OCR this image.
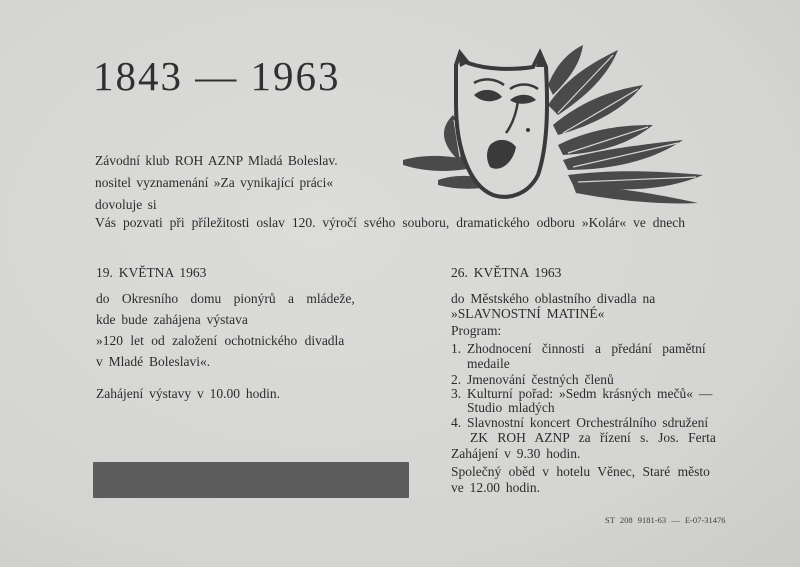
1843 — 1963
Závodní klub ROH AZNP Mladá Boleslav.
nositel vyznamenání »Za vynikající práci«
dovoluje si
Vás pozvati při příležitosti oslav 120. výročí svého souboru, dramatického odboru »Kolár« ve dnech
19. KVĚTNA 1963
do Okresního domu pionýrů a mládeže,
kde bude zahájena výstava
»120 let od založení ochotnického divadla
v Mladé Boleslavi«.
Zahájení výstavy v 10.00 hodin.
26. KVĚTNA 1963
do Městského oblastního divadla na
»SLAVNOSTNÍ MATINÉ«
Program:
1. Zhodnocení činnosti a předání pamětní
medaile
2. Jmenování čestných členů
3. Kulturní pořad: »Sedm krásných mečů« —
Studio mladých
4. Slavnostní koncert Orchestrálního sdružení
ZK ROH AZNP za řízení s. Jos. Ferta
Zahájení v 9.30 hodin.
Společný oběd v hotelu Věnec, Staré město
ve 12.00 hodin.
ST 208 9181-63 — E-07-31476
